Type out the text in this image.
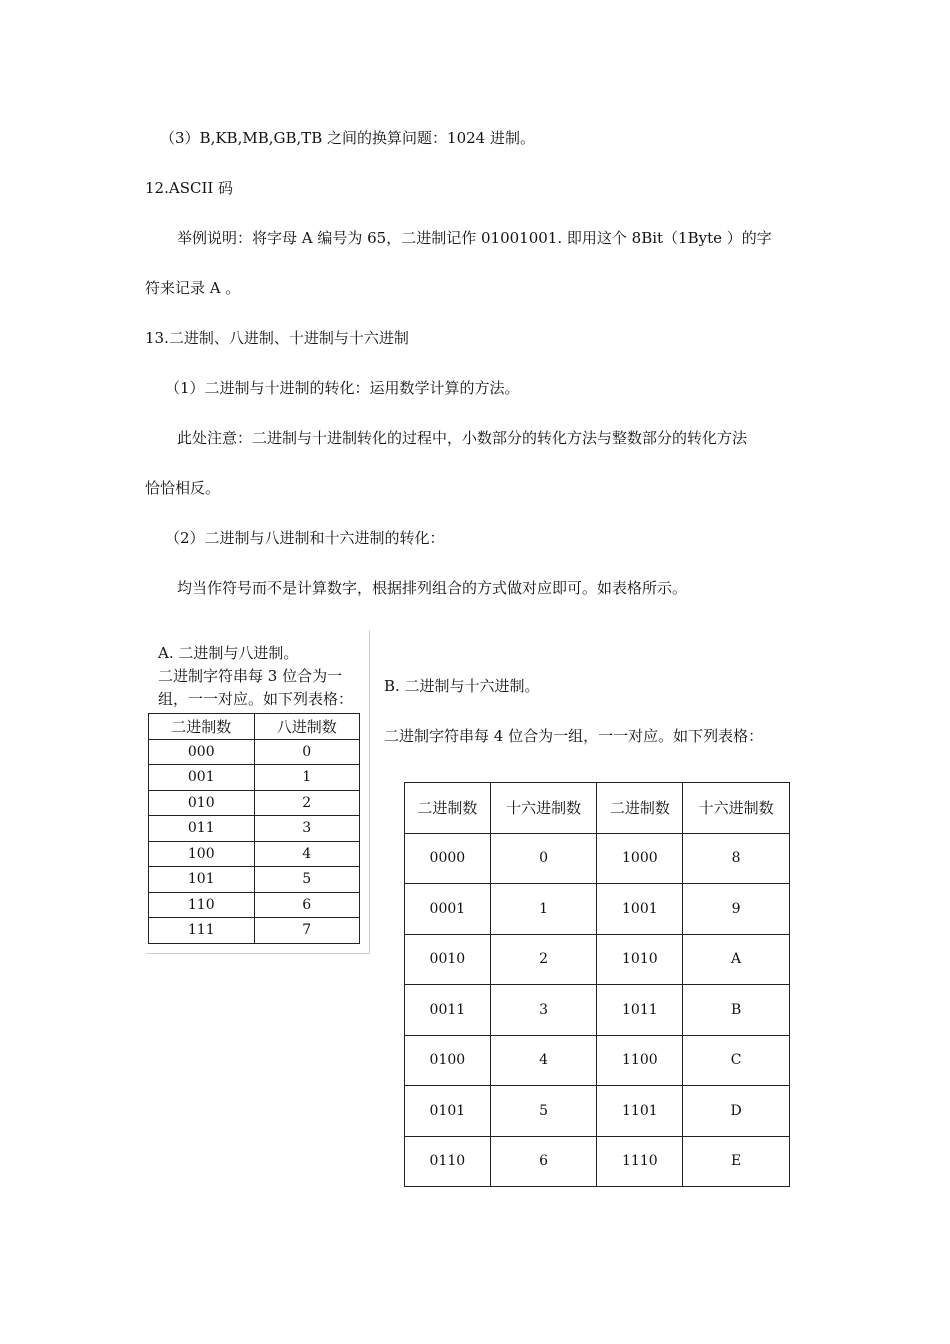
（3）B,KB,MB,GB,TB 之间的换算问题：1024 进制。
12.ASCII 码
举例说明：将字母 A 编号为 65，二进制记作 01001001. 即用这个 8Bit（1Byte ）的字
符来记录 A 。
13.二进制、八进制、十进制与十六进制
（1）二进制与十进制的转化：运用数学计算的方法。
此处注意：二进制与十进制转化的过程中，小数部分的转化方法与整数部分的转化方法
恰恰相反。
（2）二进制与八进制和十六进制的转化：
均当作符号而不是计算数字，根据排列组合的方式做对应即可。如表格所示。
A. 二进制与八进制。
二进制字符串每 3 位合为一
组，一一对应。如下列表格：
二进制数	八进制数
000	0
001	1
010	2
011	3
100	4
101	5
110	6
111	7
B. 二进制与十六进制。
二进制字符串每 4 位合为一组，一一对应。如下列表格：
二进制数	十六进制数	二进制数	十六进制数
0000	0	1000	8
0001	1	1001	9
0010	2	1010	A
0011	3	1011	B
0100	4	1100	C
0101	5	1101	D
0110	6	1110	E
